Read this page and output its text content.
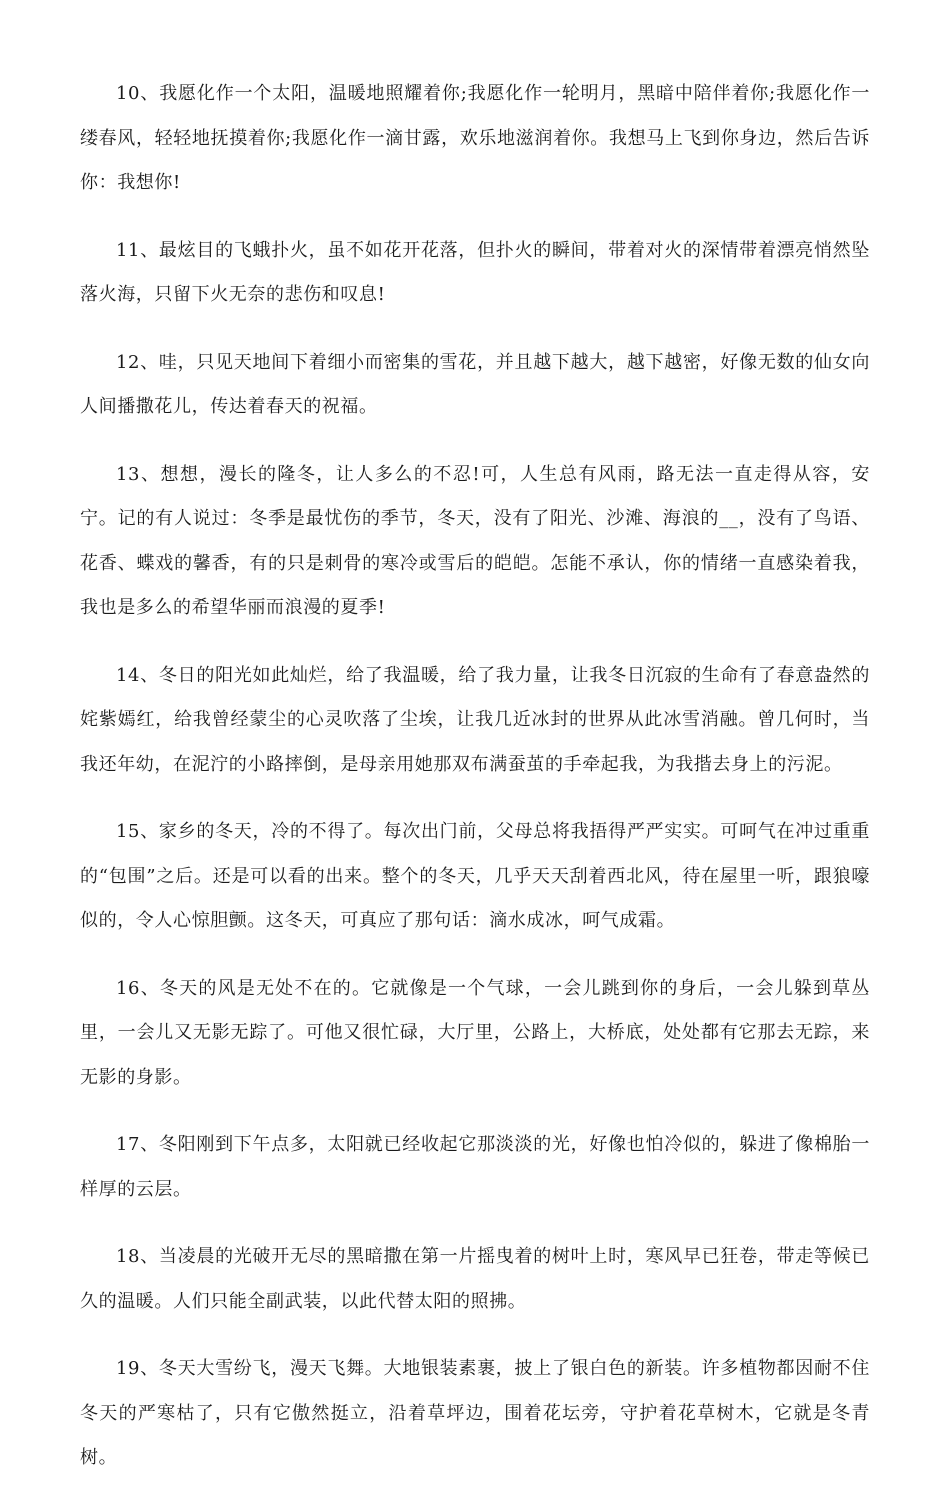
10、我愿化作一个太阳，温暖地照耀着你;我愿化作一轮明月，黑暗中陪伴着你;我愿化作一缕春风，轻轻地抚摸着你;我愿化作一滴甘露，欢乐地滋润着你。我想马上飞到你身边，然后告诉你：我想你!

11、最炫目的飞蛾扑火，虽不如花开花落，但扑火的瞬间，带着对火的深情带着漂亮悄然坠落火海，只留下火无奈的悲伤和叹息!

12、哇，只见天地间下着细小而密集的雪花，并且越下越大，越下越密，好像无数的仙女向人间播撒花儿，传达着春天的祝福。

13、想想，漫长的隆冬，让人多么的不忍!可，人生总有风雨，路无法一直走得从容，安宁。记的有人说过：冬季是最忧伤的季节，冬天，没有了阳光、沙滩、海浪的__，没有了鸟语、花香、蝶戏的馨香，有的只是刺骨的寒冷或雪后的皑皑。怎能不承认，你的情绪一直感染着我，我也是多么的希望华丽而浪漫的夏季!

14、冬日的阳光如此灿烂，给了我温暖，给了我力量，让我冬日沉寂的生命有了春意盎然的姹紫嫣红，给我曾经蒙尘的心灵吹落了尘埃，让我几近冰封的世界从此冰雪消融。曾几何时，当我还年幼，在泥泞的小路摔倒，是母亲用她那双布满蚕茧的手牵起我，为我揩去身上的污泥。

15、家乡的冬天，冷的不得了。每次出门前，父母总将我捂得严严实实。可呵气在冲过重重的“包围”之后。还是可以看的出来。整个的冬天，几乎天天刮着西北风，待在屋里一听，跟狼嚎似的，令人心惊胆颤。这冬天，可真应了那句话：滴水成冰，呵气成霜。

16、冬天的风是无处不在的。它就像是一个气球，一会儿跳到你的身后，一会儿躲到草丛里，一会儿又无影无踪了。可他又很忙碌，大厅里，公路上，大桥底，处处都有它那去无踪，来无影的身影。

17、冬阳刚到下午点多，太阳就已经收起它那淡淡的光，好像也怕冷似的，躲进了像棉胎一样厚的云层。

18、当凌晨的光破开无尽的黑暗撒在第一片摇曳着的树叶上时，寒风早已狂卷，带走等候已久的温暖。人们只能全副武装，以此代替太阳的照拂。

19、冬天大雪纷飞，漫天飞舞。大地银装素裹，披上了银白色的新装。许多植物都因耐不住冬天的严寒枯了，只有它傲然挺立，沿着草坪边，围着花坛旁，守护着花草树木，它就是冬青树。
